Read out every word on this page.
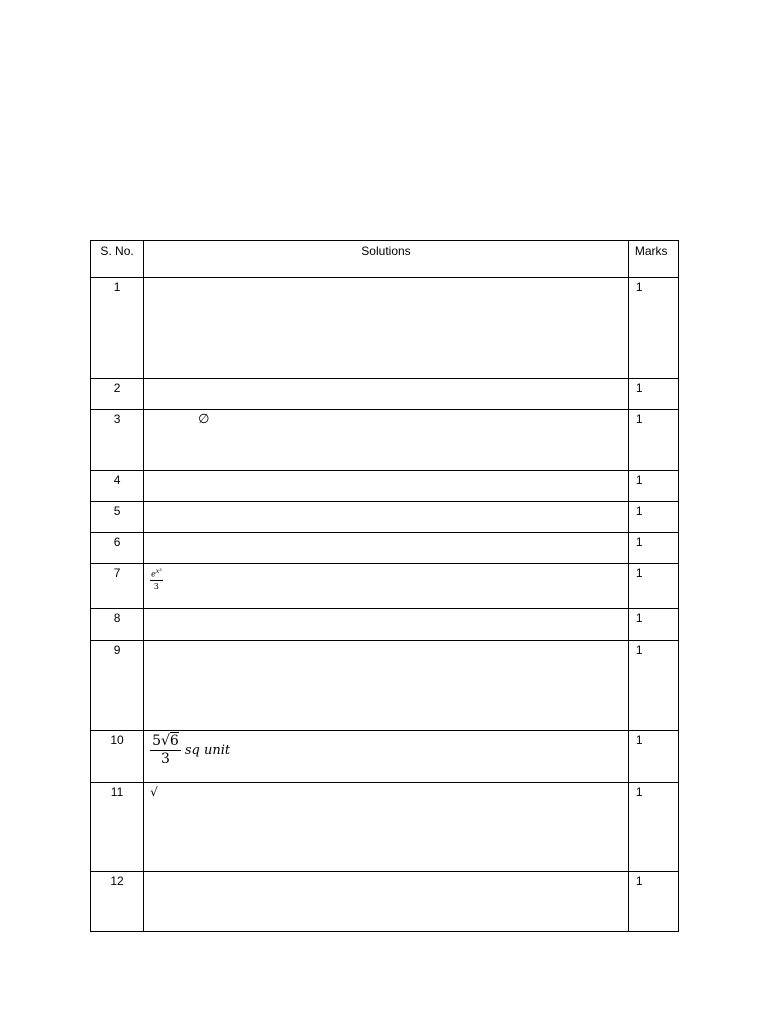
S. No.	Solutions	Marks
1		1
2		1
3	∅	1
4		1
5		1
6		1
7	$\frac{e^{x^3}}{3}$	1
8		1
9		1
10	$\frac{5√6}{3}$ sq unit	1
11	√	1
12		1
